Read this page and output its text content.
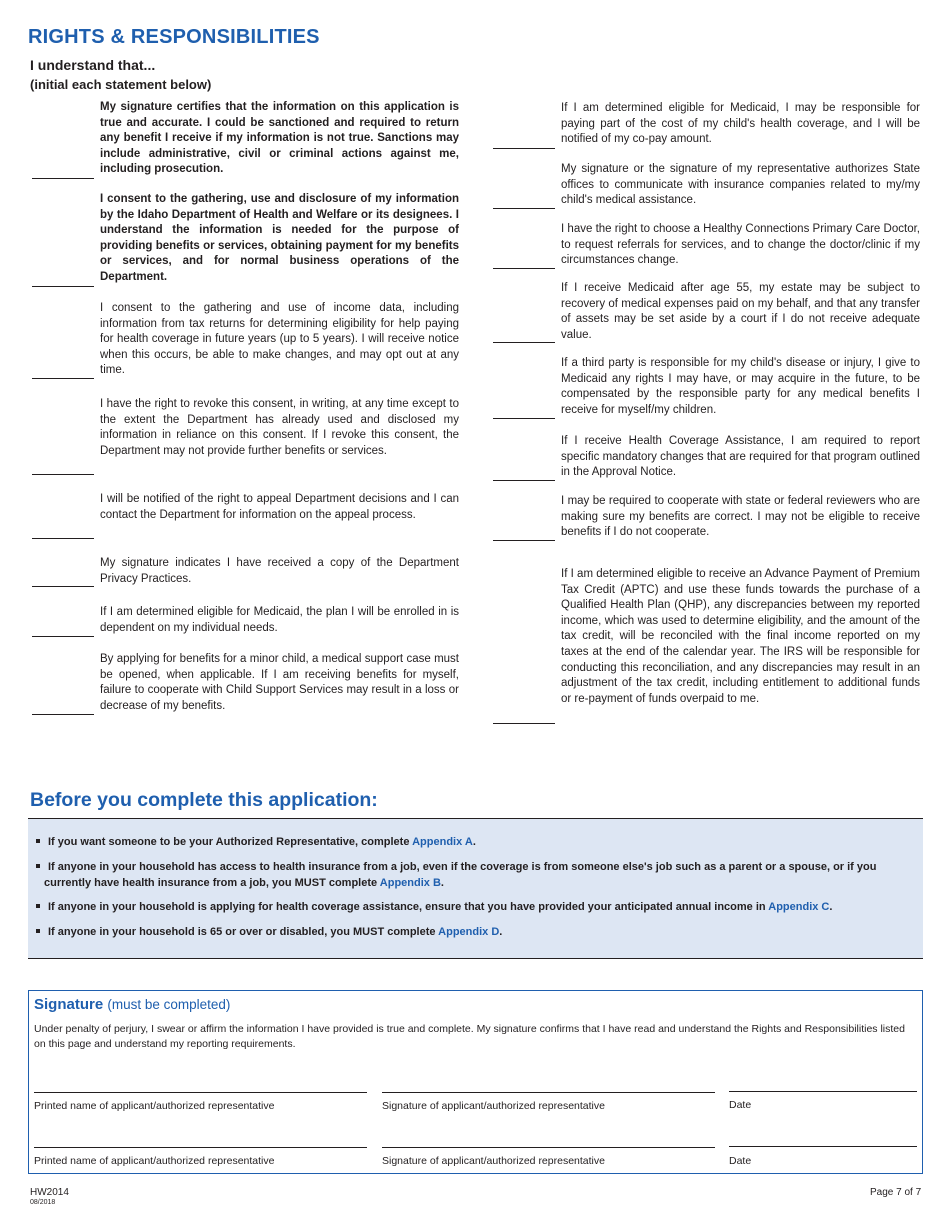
RIGHTS & RESPONSIBILITIES
I understand that...
(initial each statement below)
My signature certifies that the information on this application is true and accurate. I could be sanctioned and required to return any benefit I receive if my information is not true. Sanctions may include administrative, civil or criminal actions against me, including prosecution.
I consent to the gathering, use and disclosure of my information by the Idaho Department of Health and Welfare or its designees. I understand the information is needed for the purpose of providing benefits or services, obtaining payment for my benefits or services, and for normal business operations of the Department.
I consent to the gathering and use of income data, including information from tax returns for determining eligibility for help paying for health coverage in future years (up to 5 years). I will receive notice when this occurs, be able to make changes, and may opt out at any time.
I have the right to revoke this consent, in writing, at any time except to the extent the Department has already used and disclosed my information in reliance on this consent. If I revoke this consent, the Department may not provide further benefits or services.
I will be notified of the right to appeal Department decisions and I can contact the Department for information on the appeal process.
My signature indicates I have received a copy of the Department Privacy Practices.
If I am determined eligible for Medicaid, the plan I will be enrolled in is dependent on my individual needs.
By applying for benefits for a minor child, a medical support case must be opened, when applicable. If I am receiving benefits for myself, failure to cooperate with Child Support Services may result in a loss or decrease of my benefits.
If I am determined eligible for Medicaid, I may be responsible for paying part of the cost of my child's health coverage, and I will be notified of my co-pay amount.
My signature or the signature of my representative authorizes State offices to communicate with insurance companies related to my/my child's medical assistance.
I have the right to choose a Healthy Connections Primary Care Doctor, to request referrals for services, and to change the doctor/clinic if my circumstances change.
If I receive Medicaid after age 55, my estate may be subject to recovery of medical expenses paid on my behalf, and that any transfer of assets may be set aside by a court if I do not receive adequate value.
If a third party is responsible for my child's disease or injury, I give to Medicaid any rights I may have, or may acquire in the future, to be compensated by the responsible party for any medical benefits I receive for myself/my children.
If I receive Health Coverage Assistance, I am required to report specific mandatory changes that are required for that program outlined in the Approval Notice.
I may be required to cooperate with state or federal reviewers who are making sure my benefits are correct. I may not be eligible to receive benefits if I do not cooperate.
If I am determined eligible to receive an Advance Payment of Premium Tax Credit (APTC) and use these funds towards the purchase of a Qualified Health Plan (QHP), any discrepancies between my reported income, which was used to determine eligibility, and the amount of the tax credit, will be reconciled with the final income reported on my taxes at the end of the calendar year. The IRS will be responsible for conducting this reconciliation, and any discrepancies may result in an adjustment of the tax credit, including entitlement to additional funds or re-payment of funds overpaid to me.
Before you complete this application:
If you want someone to be your Authorized Representative, complete Appendix A.
If anyone in your household has access to health insurance from a job, even if the coverage is from someone else's job such as a parent or a spouse, or if you
currently have health insurance from a job, you MUST complete Appendix B.
If anyone in your household is applying for health coverage assistance, ensure that you have provided your anticipated annual income in Appendix C.
If anyone in your household is 65 or over or disabled, you MUST complete Appendix D.
Signature (must be completed)
Under penalty of perjury, I swear or affirm the information I have provided is true and complete. My signature confirms that I have read and understand the Rights and Responsibilities listed on this page and understand my reporting requirements.
Printed name of applicant/authorized representative	Signature of applicant/authorized representative	Date
Printed name of applicant/authorized representative	Signature of applicant/authorized representative	Date
HW2014
08/2018
Page 7 of 7
